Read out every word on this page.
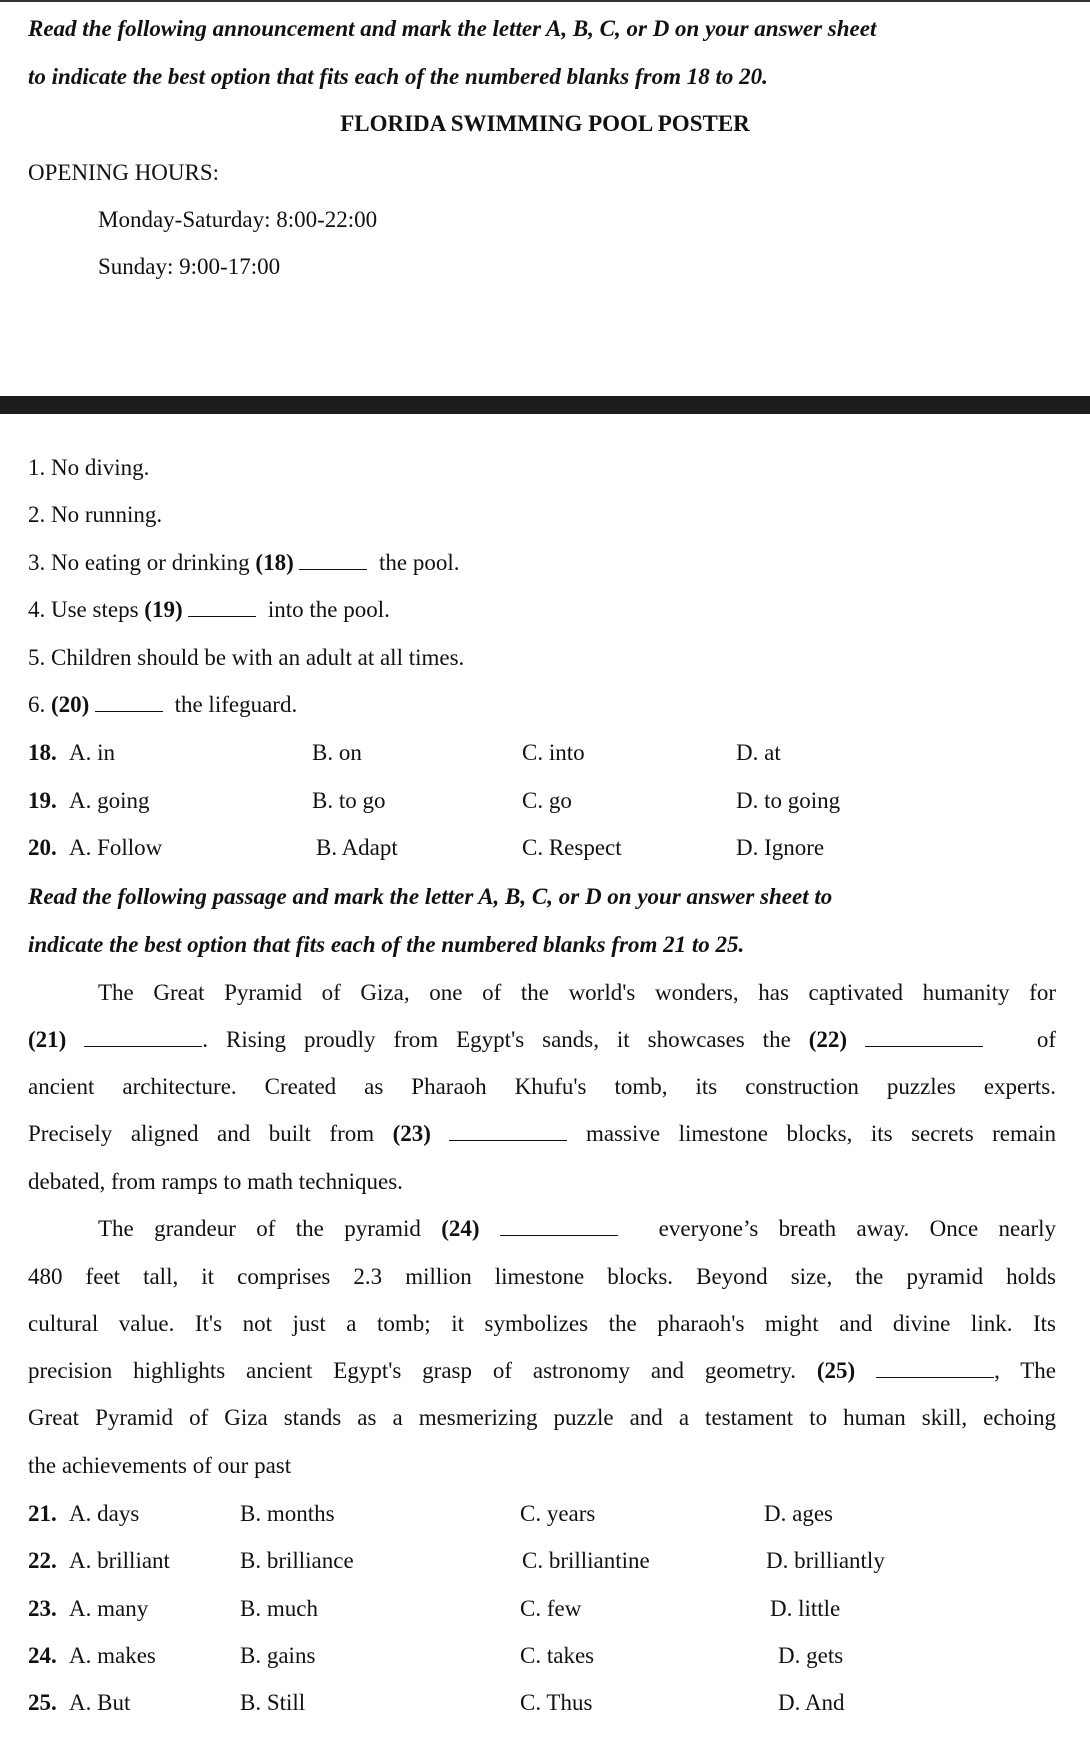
Read the following announcement and mark the letter A, B, C, or D on your answer sheet
to indicate the best option that fits each of the numbered blanks from 18 to 20.
FLORIDA SWIMMING POOL POSTER
OPENING HOURS:
Monday-Saturday: 8:00-22:00
Sunday: 9:00-17:00
1. No diving.
2. No running.
3. No eating or drinking (18)	the pool.
4. Use steps (19)	into the pool.
5. Children should be with an adult at all times.
6. (20)	the lifeguard.
18. A. in	B. on	C. into	D. at
19. A. going	B. to go	C. go	D. to going
20. A. Follow	B. Adapt	C. Respect	D. Ignore
Read the following passage and mark the letter A, B, C, or D on your answer sheet to
indicate the best option that fits each of the numbered blanks from 21 to 25.
The Great Pyramid of Giza, one of the world's wonders, has captivated humanity for
(21)	. Rising proudly from Egypt's sands, it showcases the (22)	of
ancient architecture. Created as Pharaoh Khufu's tomb, its construction puzzles experts.
Precisely aligned and built from (23)	massive limestone blocks, its secrets remain
debated, from ramps to math techniques.
The grandeur of the pyramid (24)	everyone’s breath away. Once nearly
480 feet tall, it comprises 2.3 million limestone blocks. Beyond size, the pyramid holds
cultural value. It's not just a tomb; it symbolizes the pharaoh's might and divine link. Its
precision highlights ancient Egypt's grasp of astronomy and geometry. (25)	, The
Great Pyramid of Giza stands as a mesmerizing puzzle and a testament to human skill, echoing
the achievements of our past
21. A. days	B. months	C. years	D. ages
22. A. brilliant	B. brilliance	C. brilliantine	D. brilliantly
23. A. many	B. much	C. few	D. little
24. A. makes	B. gains	C. takes	D. gets
25. A. But	B. Still	C. Thus	D. And
